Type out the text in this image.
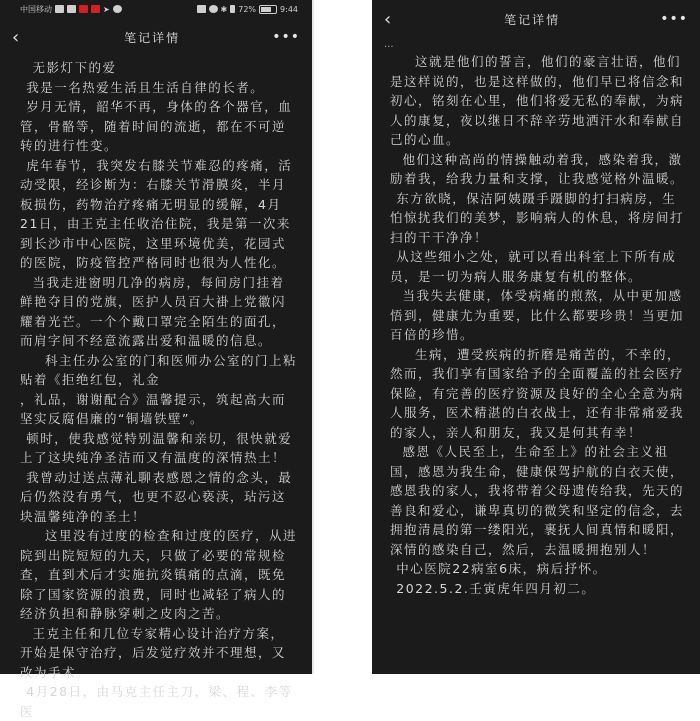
中国移动	➤	✱ 72%	9:44
‹	笔记详情	•••

无影灯下的爱

我是一名热爱生活且生活自律的长者。

岁月无情，韶华不再，身体的各个器官，血管，骨骼等，随着时间的流逝，都在不可逆转的进行性变。

虎年春节，我突发右膝关节难忍的疼痛，活动受限，经诊断为：右膝关节滑膜炎，半月板损伤，药物治疗疼痛无明显的缓解，4月21日，由王克主任收治住院，我是第一次来到长沙市中心医院，这里环境优美，花园式的医院，防疫管控严格同时也很为人性化。

当我走进窗明几净的病房，每间房门挂着鲜艳夺目的党旗，医护人员百大褂上党徽闪耀着光芒。一个个戴口罩完全陌生的面孔，而肩字间不经意流露出爱和温暖的信息。

科主任办公室的门和医师办公室的门上粘贴着《拒绝红包，礼金

，礼品，谢谢配合》温馨提示，筑起高大而坚实反腐倡廉的“铜墙铁壁”。

顿时，使我感觉特别温馨和亲切，很快就爱上了这块纯净圣洁而又有温度的深情热土！

我曾动过送点薄礼聊表感恩之情的念头，最后仍然没有勇气，也更不忍心亵渎，玷污这块温馨纯净的圣土！

这里没有过度的检查和过度的医疗，从进院到出院短短的九天，只做了必要的常规检查，直到术后才实施抗炎镇痛的点滴，既免除了国家资源的浪费，同时也减轻了病人的经济负担和静脉穿刺之皮肉之苦。

王克主任和几位专家精心设计治疗方案，开始是保守治疗，后发觉疗效并不理想，又改为手术。

4月28日，由马克主任主刀，梁、程、李等医

‹	笔记详情	•••
...

这就是他们的誓言，他们的豪言壮语，他们是这样说的，也是这样做的，他们早已将信念和初心，铭刻在心里，他们将爱无私的奉献，为病人的康复，夜以继日不辞辛劳地洒汗水和奉献自己的心血。

他们这种高尚的情操触动着我，感染着我，激励着我，给我力量和支撑，让我感觉格外温暖。

东方欲晓，保洁阿姨蹑手蹑脚的打扫病房，生怕惊扰我们的美梦，影响病人的休息，将房间打扫的干干净净！

从这些细小之处，就可以看出科室上下所有成员，是一切为病人服务康复有机的整体。

当我失去健康，体受病痛的煎熬，从中更加感悟到，健康尤为重要，比什么都要珍贵！当更加百倍的珍惜。

生病，遭受疾病的折磨是痛苦的，不幸的，然而，我们享有国家给予的全面覆盖的社会医疗保险，有完善的医疗资源及良好的全心全意为病人服务，医术精湛的白衣战士，还有非常痛爱我的家人，亲人和朋友，我又是何其有幸！

感恩《人民至上，生命至上》的社会主义祖国，感恩为我生命，健康保驾护航的白衣天使，感恩我的家人，我将带着父母遗传给我，先天的善良和爱心，谦卑真切的微笑和坚定的信念，去拥抱清晨的第一缕阳光，裹抚人间真情和暖阳，深情的感染自己，然后，去温暖拥抱别人！

中心医院22病室6床，病后抒怀。

2022.5.2.壬寅虎年四月初二。
